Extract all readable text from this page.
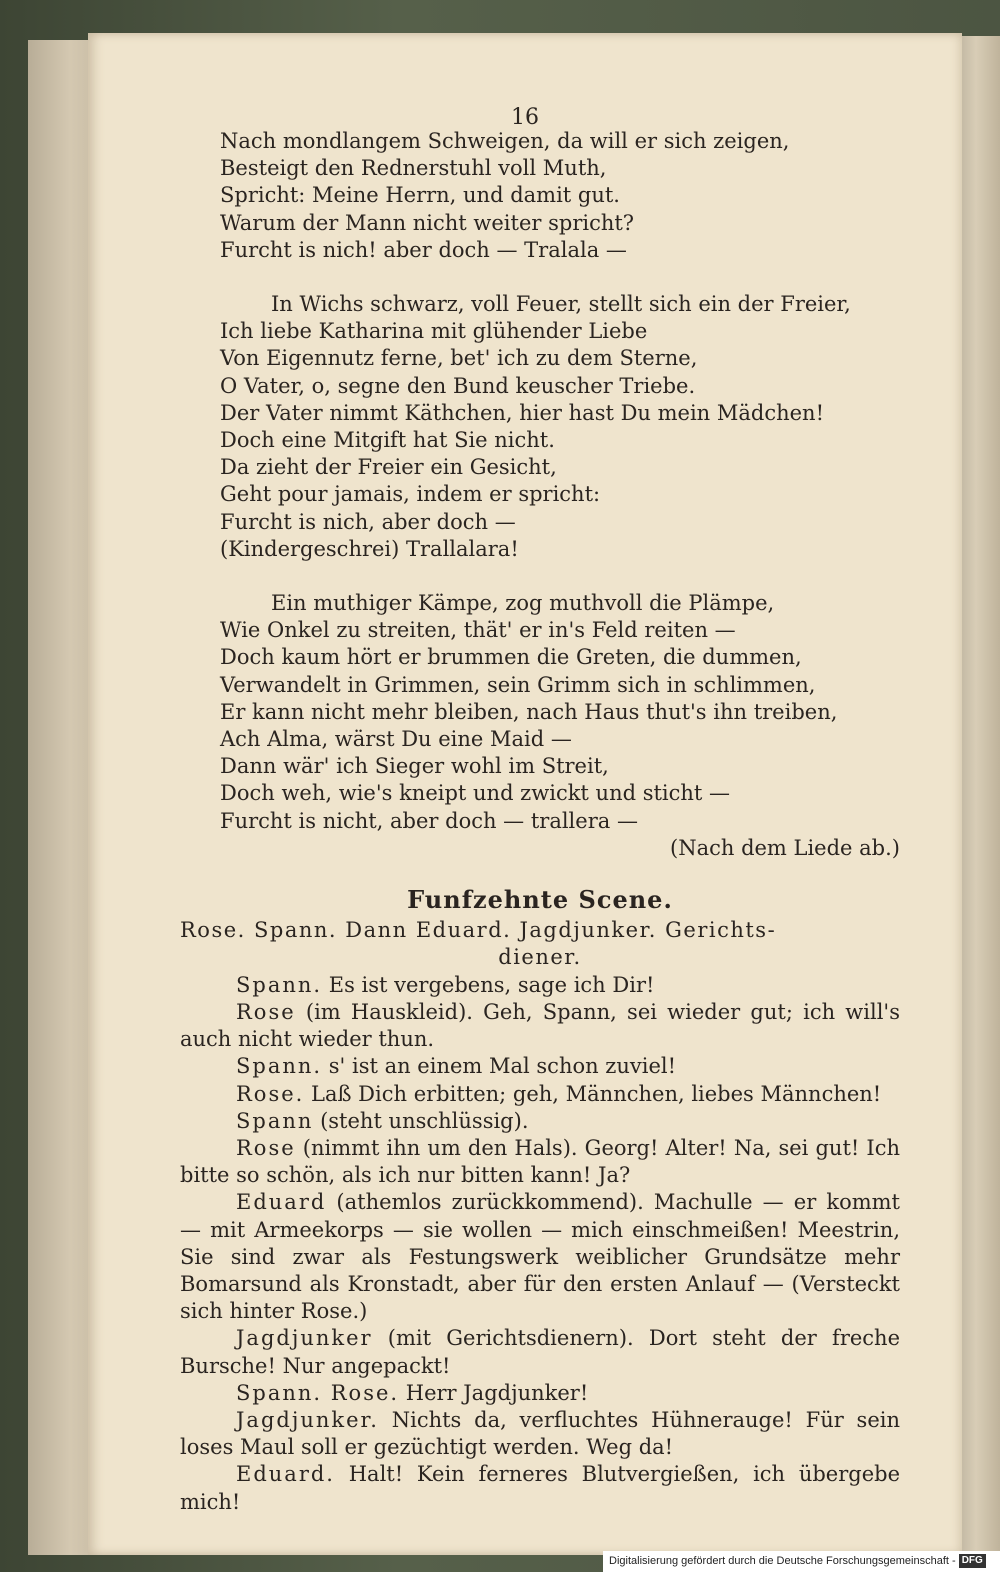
16
Nach mondlangem Schweigen, da will er sich zeigen,
Besteigt den Rednerstuhl voll Muth,
Spricht: Meine Herrn, und damit gut.
Warum der Mann nicht weiter spricht?
Furcht is nich! aber doch — Tralala —
In Wichs schwarz, voll Feuer, stellt sich ein der Freier,
Ich liebe Katharina mit glühender Liebe
Von Eigennutz ferne, bet' ich zu dem Sterne,
O Vater, o, segne den Bund keuscher Triebe.
Der Vater nimmt Käthchen, hier hast Du mein Mädchen!
Doch eine Mitgift hat Sie nicht.
Da zieht der Freier ein Gesicht,
Geht pour jamais, indem er spricht:
Furcht is nich, aber doch —
(Kindergeschrei) Trallalara!
Ein muthiger Kämpe, zog muthvoll die Plämpe,
Wie Onkel zu streiten, thät' er in's Feld reiten —
Doch kaum hört er brummen die Greten, die dummen,
Verwandelt in Grimmen, sein Grimm sich in schlimmen,
Er kann nicht mehr bleiben, nach Haus thut's ihn treiben,
Ach Alma, wärst Du eine Maid —
Dann wär' ich Sieger wohl im Streit,
Doch weh, wie's kneipt und zwickt und sticht —
Furcht is nicht, aber doch — trallera —
(Nach dem Liede ab.)
Funfzehnte Scene.
Rose. Spann. Dann Eduard. Jagdjunker. Gerichts-
diener.
Spann. Es ist vergebens, sage ich Dir!
Rose (im Hauskleid). Geh, Spann, sei wieder gut; ich will's auch nicht wieder thun.
Spann. s' ist an einem Mal schon zuviel!
Rose. Laß Dich erbitten; geh, Männchen, liebes Männchen!
Spann (steht unschlüssig).
Rose (nimmt ihn um den Hals). Georg! Alter! Na, sei gut! Ich bitte so schön, als ich nur bitten kann! Ja?
Eduard (athemlos zurückkommend). Machulle — er kommt — mit Armeekorps — sie wollen — mich einschmeißen! Meestrin, Sie sind zwar als Festungswerk weiblicher Grundsätze mehr Bomarsund als Kronstadt, aber für den ersten Anlauf — (Versteckt sich hinter Rose.)
Jagdjunker (mit Gerichtsdienern). Dort steht der freche Bursche! Nur angepackt!
Spann. Rose. Herr Jagdjunker!
Jagdjunker. Nichts da, verfluchtes Hühnerauge! Für sein loses Maul soll er gezüchtigt werden. Weg da!
Eduard. Halt! Kein ferneres Blutvergießen, ich übergebe mich!
Digitalisierung gefördert durch die Deutsche Forschungsgemeinschaft - DFG
